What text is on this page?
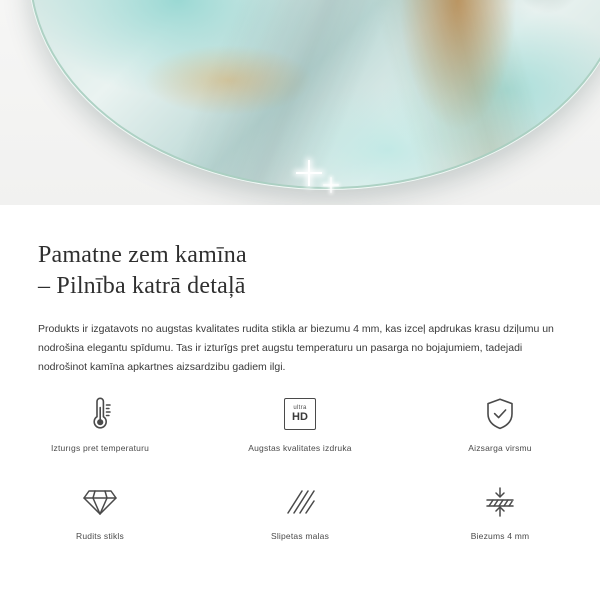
Pamatne zem kamīna
– Pilnība katrā detaļā

Produkts ir izgatavots no augstas kvalitates rudita stikla ar biezumu 4 mm, kas izceļ apdrukas krasu dziļumu un nodrošina elegantu spīdumu. Tas ir izturīgs pret augstu temperaturu un pasarga no bojajumiem, tadejadi nodrošinot kamīna apkartnes aizsardzibu gadiem ilgi.

Izturıgs pret temperaturu
ultra
HD
Augstas kvalitates izdruka	Aizsarga virsmu
Rudits stikls	Slipetas malas	Biezums 4 mm
